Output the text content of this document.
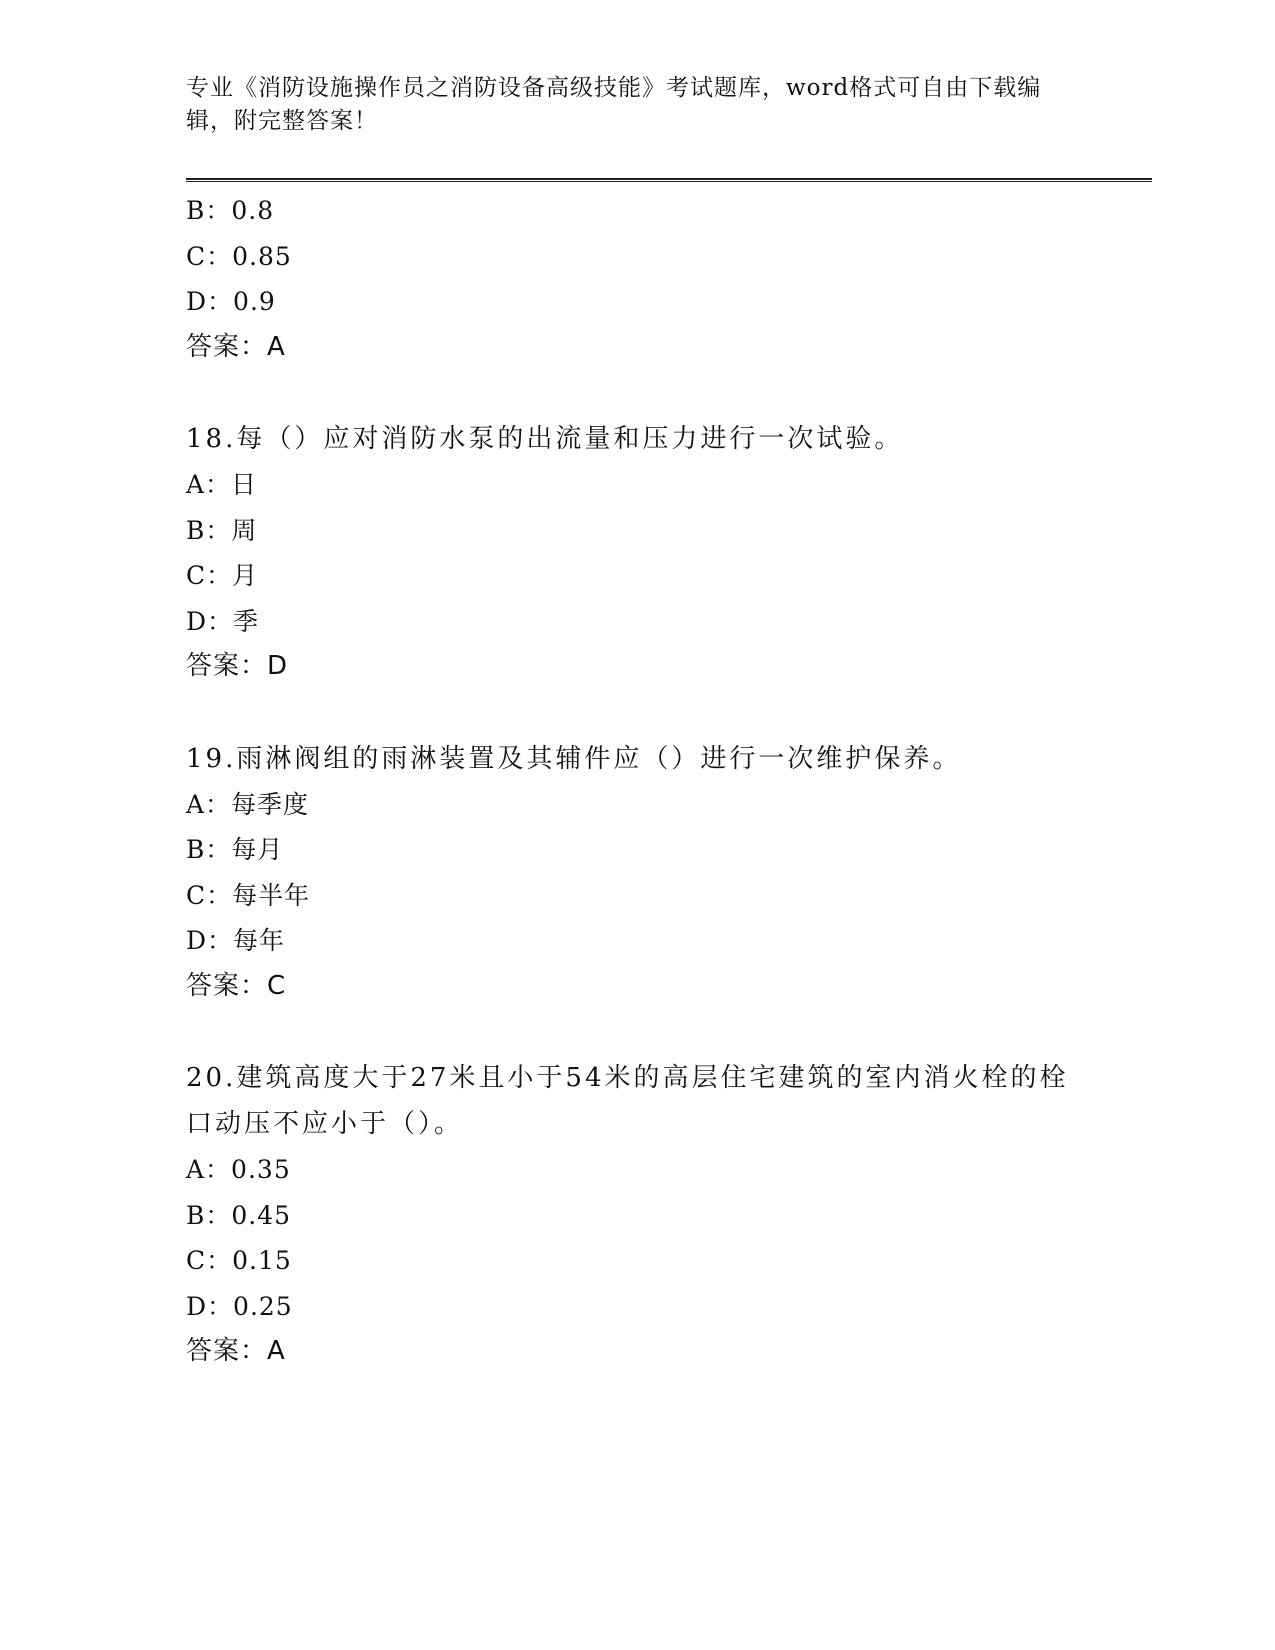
专业《消防设施操作员之消防设备高级技能》考试题库，word格式可自由下载编辑，附完整答案！
B：0.8
C：0.85
D：0.9
答案：A
18.每（）应对消防水泵的出流量和压力进行一次试验。
A：日
B：周
C：月
D：季
答案：D
19.雨淋阀组的雨淋装置及其辅件应（）进行一次维护保养。
A：每季度
B：每月
C：每半年
D：每年
答案：C
20.建筑高度大于27米且小于54米的高层住宅建筑的室内消火栓的栓口动压不应小于（）。
A：0.35
B：0.45
C：0.15
D：0.25
答案：A
